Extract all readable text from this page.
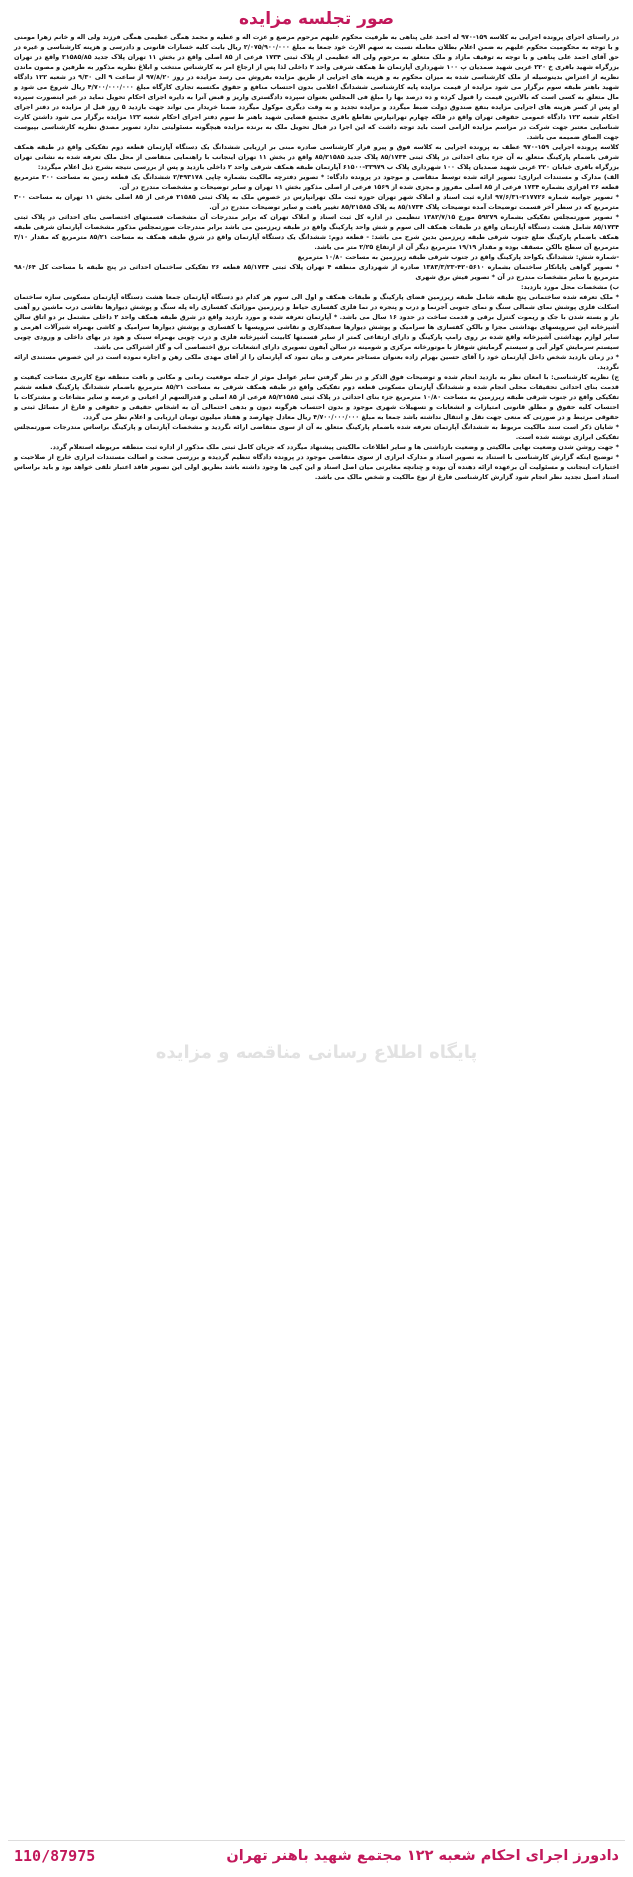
صور تجلسه مزایده

در راستای اجرای پرونده اجرایی به کلاسه ۱۵۹-۹۷۰ له احمد علی پناهی به طرفیت محکوم علیهم مرحوم مرصع و عزت اله و عطیه و محمد همگی عظیمی همگی فرزند ولی اله و خانم زهرا مومنی و با توجه به محکومیت محکوم علیهم به ضمن اعلام بطلان معامله نسبت به سهم الارث خود جمعا به مبلغ ۲/۰۷۵/۹۰۰/۰۰۰ ریال بابت کلیه خسارات قانونی و دادرسی و هزینه کارشناسی و غیره در حق آقای احمد علی پناهی و با توجه به توقیف مازاد و ملک متعلق به مرحوم ولی اله عظیمی از پلاک ثبتی ۱۷۳۴ فرعی از ۸۵ اصلی واقع در بخش ۱۱ تهران پلاک جدید ۲۱۵۸۵/۸۵ واقع در تهران بزرگراه شهید باقری خ ۲۲۰ غربی شهید صمدیان پ ۱۰۰ شهرداری آپارتمان ط همکف شرقی واحد ۲ داخلی لذا پس از ارجاع امر به کارشناس منتخب و ابلاغ نظریه مذکور به طرفین و مصون ماندن نظریه از اعتراض بدینوسیله از ملک کارشناسی شده به میزان محکوم به و هزینه های اجرایی از طریق مزایده بفروش می رسد مزایده در روز ۹۷/۸/۲۰ از ساعت ۹ الی ۹/۳۰ در شعبه ۱۲۲ دادگاه شهید باهنر طبقه سوم برگزار می شود مزایده از قیمت مزایده پایه کارشناسی ششدانگ اعلامی بدون احتساب منافع و حقوق مکتسبه تجاری کارگاه مبلغ ۴/۷۰۰/۰۰۰/۰۰۰ ریال شروع می شود و مال متعلق به کسی است که بالاترین قیمت را قبول کرده و ده درصد بها را مبلغ فی المجلس بعنوان سپرده دادگستری واریز و قبض آنرا به دایره اجرای احکام تحویل نماید در غیر اینصورت سپرده او پس از کسر هزینه های اجرایی مزایده بنفع صندوق دولت ضبط میگردد و مزایده تجدید و به وقت دیگری موکول میگردد ضمنا خریدار می تواند جهت بازدید ۵ روز قبل از مزایده در دفتر اجرای احکام شعبه ۱۲۲ دادگاه عمومی حقوقی تهران واقع در فلکه چهارم تهرانپارس تقاطع باقری مجتمع قضایی شهید باهنر ط سوم دفتر اجرای احکام شعبه ۱۲۲ مزایده برگزار می شود داشتن کارت شناسایی معتبر جهت شرکت در مراسم مزایده الزامی است باید توجه داشت که این اجرا در قبال تحویل ملک به برنده مزایده هیچگونه مسئولیتی ندارد تصویر مصدق نظریه کارشناسی بپیوست جهت الصاق ضمیمه می باشد.

کلاسه پرونده اجرایی ۱۵۹-۹۷۰ عطف به پرونده اجرایی به کلاسه فوق و پیرو قرار کارشناسی صادره مبنی بر ارزیابی ششدانگ یک دستگاه آپارتمان قطعه دوم تفکیکی واقع در طبقه همکف شرقی باضمام پارکینگ متعلق به آن جزء بنای احداثی در پلاک ثبتی ۸۵/۱۷۳۴ پلاک جدید ۸۵/۲۱۵۸۵ واقع در بخش ۱۱ تهران اینجانب با راهنمایی متقاضی از محل ملک تعرفه شده به نشانی تهران بزرگراه باقری خیابان ۲۲۰ غربی شهید صمدیان پلاک ۱۰۰ شهرداری پلاک ب ۳۳۹۷۹-۶۱۵۰۰ آپارتمان طبقه همکف شرقی واحد ۲ داخلی بازدید و پس از بررسی نتیجه بشرح ذیل اعلام میگردد:

الف) مدارک و مستندات ابرازی: تصویر ارائه شده توسط متقاضی و موجود در پرونده دادگاه: * تصویر دفترچه مالکیت بشماره چاپی ۲/۴۹۳۱۷۸ ششدانگ یک قطعه زمین به مساحت ۳۰۰ مترمربع قطعه ۲۶ افرازی بشماره ۱۷۳۴ فرعی از ۸۵ اصلی مفروز و مجزی شده از ۱۵۶۹ فرعی از اصلی مذکور بخش ۱۱ تهران و سایر توضیحات و مشخصات مندرج در آن.

* تصویر جوابیه شماره ۲۱۷۷۲۶-۹۷/۶/۳۱ اداره ثبت اسناد و املاک شهر تهران حوزه ثبت ملک تهرانپارس در خصوص ملک به پلاک ثبتی ۲۱۵۸۵ فرعی از ۸۵ اصلی بخش ۱۱ تهران به مساحت ۳۰۰ مترمربع که در سطر آخر قسمت توضیحات آمده توضیحات پلاک ۸۵/۱۷۳۴ به پلاک ۸۵/۲۱۵۸۵ تغییر یافت و سایر توضیحات مندرج در آن.

* تصویر صورتمجلس تفکیکی بشماره ۵۹۲۷۹ مورخ ۱۳۸۲/۷/۱۵ تنظیمی در اداره کل ثبت اسناد و املاک تهران که برابر مندرجات آن مشخصات قسمتهای اختصاصی بنای احداثی در پلاک ثبتی ۸۵/۱۷۳۴ شامل هشت دستگاه آپارتمان واقع در طبقات همکف الی سوم و شش واحد پارکینگ واقع در طبقه زیرزمین می باشد برابر مندرجات صورتمجلس مذکور مشخصات آپارتمان شرقی طبقه همکف باضمام پارکینگ ضلع جنوب شرقی طبقه زیرزمین بدین شرح می باشد: - قطعه دوم: ششدانگ یک دستگاه آپارتمان واقع در شرق طبقه همکف به مساحت ۸۵/۲۱ مترمربع که مقدار ۳/۱۰ مترمربع آن سطح بالکن مسقف بوده و مقدار ۱۹/۱۹ مترمربع دیگر آن از ارتفاع ۲/۲۵ متر می باشد.

-شماره شش: ششدانگ یکواحد پارکینگ واقع در جنوب شرقی طبقه زیرزمین به مساحت ۱۰/۸۰ مترمربع

* تصویر گواهی پایانکار ساختمان بشماره ۴۲۰۵۶۱۰-۱۳۸۳/۳/۲۳ صادره از شهرداری منطقه ۴ تهران پلاک ثبتی ۸۵/۱۷۳۴ قطعه ۲۶ تفکیکی ساختمان احداثی در پنج طبقه با مساحت کل ۹۸۰/۶۴ مترمربع با سایر مشخصات مندرج در آن * تصویر فیش برق شهری

ب) مشخصات محل مورد بازدید:

* ملک تعرفه شده ساختمانی پنج طبقه شامل طبقه زیرزمین فضای پارکینگ و طبقات همکف و اول الی سوم هر کدام دو دستگاه آپارتمان جمعا هشت دستگاه آپارتمان مسکونی سازه ساختمان اسکلت فلزی پوشش نمای شمالی سنگ و نمای جنوبی آجرنما و درب و پنجره در نما فلزی کفسازی حیاط و زیرزمین موزائیک کفسازی راه پله سنگ و پوشش دیوارها نقاشی درب ماشین رو آهنی باز و بسته شدن با جک و ریموت کنترل برقی و قدمت ساخت در حدود ۱۶ سال می باشد. * آپارتمان تعرفه شده و مورد بازدید واقع در شرق طبقه همکف واحد ۲ داخلی مشتمل بر دو اتاق سالن آشپزخانه اپن سرویسهای بهداشتی مجزا و بالکن کفسازی ها سرامیک و پوشش دیوارها سفیدکاری و نقاشی سرویسها با کفسازی و پوشش دیوارها سرامیک و کاشی بهمراه شیرآلات اهرمی و سایر لوازم بهداشتی آشپزخانه واقع شده بر روی رامپ پارکینگ و دارای ارتفاعی کمتر از سایر قسمتها کابینت آشپزخانه فلزی و درب چوبی بهمراه سینک و هود در بهای داخلی و ورودی چوبی سیستم سرمایش کولر آبی و سیستم گرمایش شوفاژ با موتورخانه مرکزی و شومینه در سالن آیفون تصویری دارای انشعابات برق اختصاصی آب و گاز اشتراکی می باشد.

* در زمان بازدید شخص داخل آپارتمان خود را آقای حسین بهرام زاده بعنوان مستاجر معرفی و بیان نمود که آپارتمان را از آقای مهدی ملکی رهن و اجاره نموده است در این خصوص مستندی ارائه نگردید.

ج) نظریه کارشناسی: با امعان نظر به بازدید انجام شده و توضیحات فوق الذکر و در نظر گرفتن سایر عوامل موثر از جمله موقعیت زمانی و مکانی و بافت منطقه نوع کاربری مساحت کیفیت و قدمت بنای احداثی تحقیقات محلی انجام شده و ششدانگ آپارتمان مسکونی قطعه دوم تفکیکی واقع در طبقه همکف شرقی به مساحت ۸۵/۲۱ مترمربع باضمام ششدانگ پارکینگ قطعه ششم تفکیکی واقع در جنوب شرقی طبقه زیرزمین به مساحت ۱۰/۸۰ مترمربع جزء بنای احداثی در پلاک ثبتی ۸۵/۲۱۵۸۵ فرعی از ۸۵ اصلی و قدرالسهم از اعیانی و عرصه و سایر مشاعات و مشترکات با احتساب کلیه حقوق و مطلق قانونی امتیازات و انشعابات و تسهیلات شهری موجود و بدون احتساب هرگونه دیون و بدهی احتمالی آن به اشخاص حقیقی و حقوقی و فارغ از مسائل ثبتی و حقوقی مرتبط و در صورتی که منعی جهت نقل و انتقال نداشته باشد جمعا به مبلغ ۴/۷۰۰/۰۰۰/۰۰۰ ریال معادل چهارصد و هفتاد میلیون تومان ارزیابی و اعلام نظر می گردد.

* شایان ذکر است سند مالکیت مربوط به ششدانگ آپارتمان تعرفه شده باضمام پارکینگ متعلق به آن از سوی متقاضی ارائه نگردید و مشخصات آپارتمان و پارکینگ براساس مندرجات صورتمجلس تفکیکی ابرازی نوشته شده است.

* جهت روشن شدن وضعیت نهایی مالکیتی و وضعیت بازداشتی ها و سایر اطلاعات مالکیتی پیشنهاد میگردد که جریان کامل ثبتی ملک مذکور از اداره ثبت منطقه مربوطه استعلام گردد.

* توضیح اینکه گزارش کارشناسی با استناد به تصویر اسناد و مدارک ابرازی از سوی متقاضی موجود در پرونده دادگاه تنظیم گردیده و بررسی صحت و اصالت مستندات ابرازی خارج از صلاحیت و اختیارات اینجانب و مسئولیت آن برعهده ارائه دهنده آن بوده و چنانچه مغایرتی میان اصل اسناد و این کپی ها وجود داشته باشد بطریق اولی این تصویر فاقد اعتبار تلقی خواهد بود و باید براساس اسناد اصیل تجدید نظر انجام شود گزارش کارشناسی فارغ از نوع مالکیت و شخص مالک می باشد.

پایگاه اطلاع رسانی مناقصه و مزایده
دادورز اجرای احکام شعبه ۱۲۲ مجتمع شهید باهنر تهران
110/87975
